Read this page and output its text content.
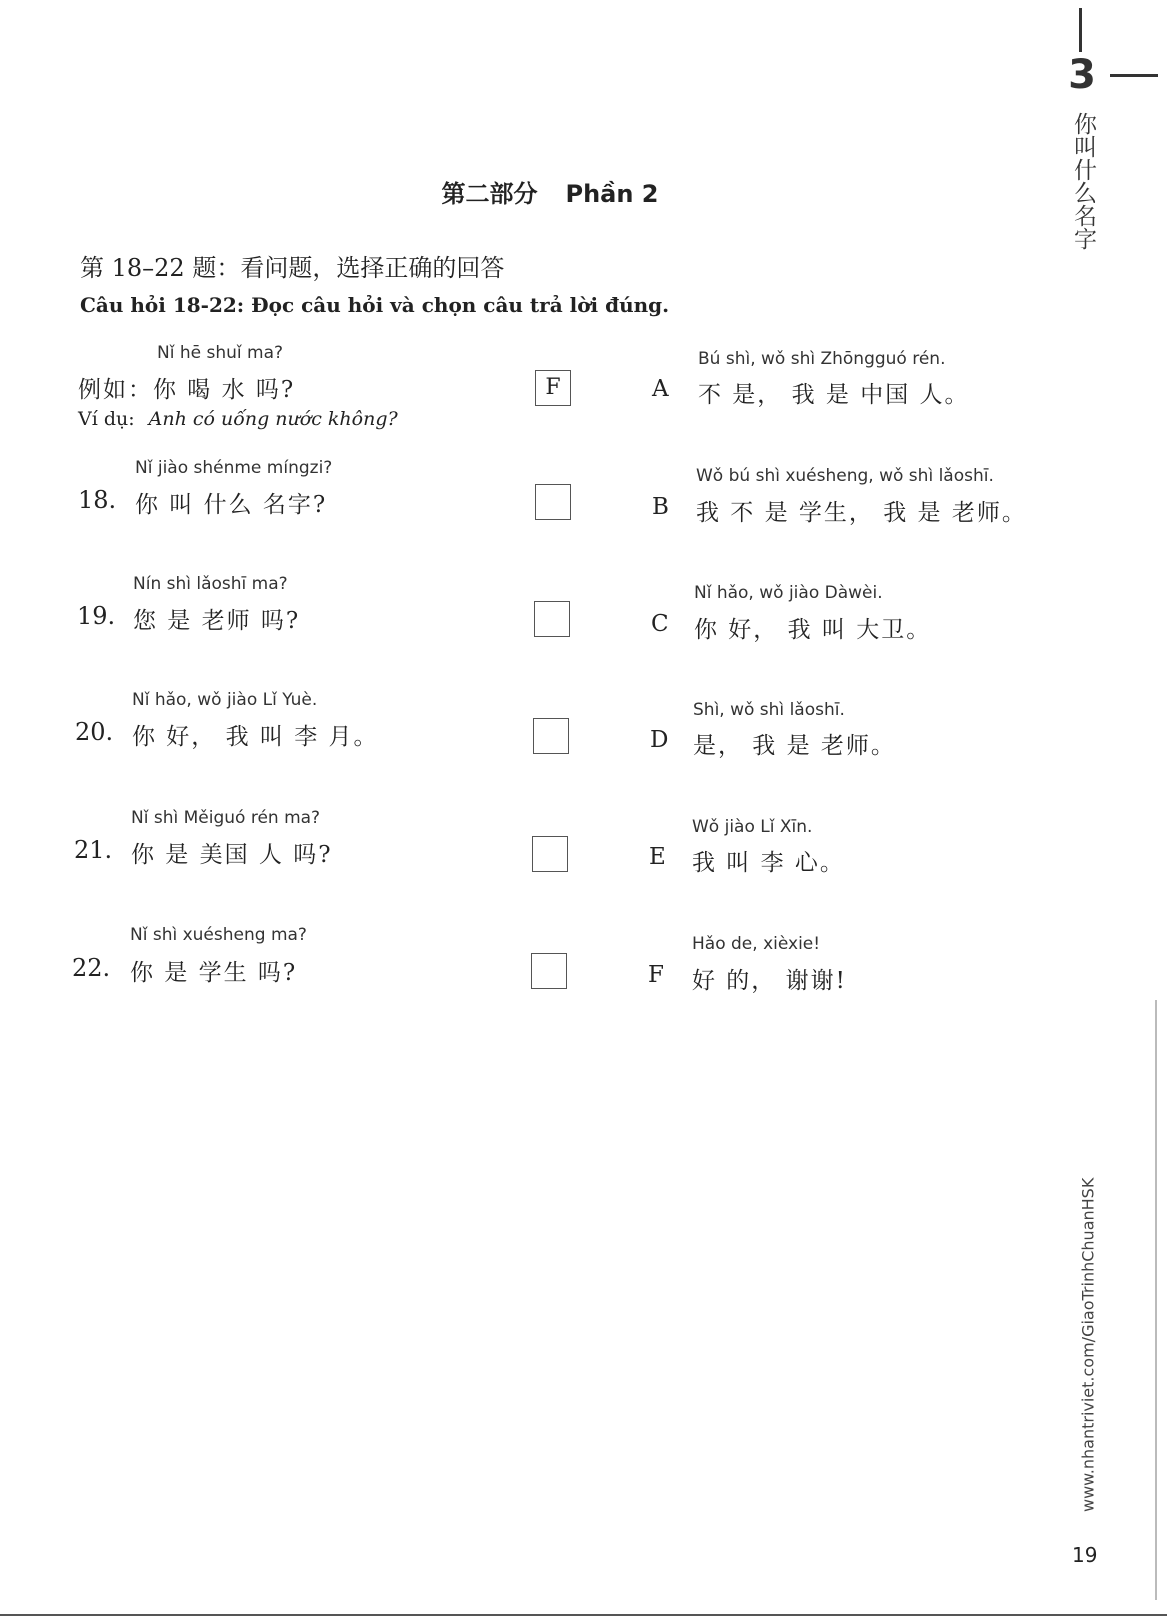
3
你叫什么名字
第二部分 Phần 2
第 18–22 题：看问题，选择正确的回答
Câu hỏi 18-22: Đọc câu hỏi và chọn câu trả lời đúng.
Nǐ hē shuǐ ma?
例如：你 喝 水 吗?
Ví dụ: Anh có uống nước không?
F
Nǐ jiào shénme míngzi?
18. 你 叫 什么 名字?
Nín shì lǎoshī ma?
19. 您 是 老师 吗?
Nǐ hǎo, wǒ jiào Lǐ Yuè.
20. 你 好， 我 叫 李 月。
Nǐ shì Měiguó rén ma?
21. 你 是 美国 人 吗?
Nǐ shì xuésheng ma?
22. 你 是 学生 吗?
Bú shì, wǒ shì Zhōngguó rén.
A 不 是， 我 是 中国 人。
Wǒ bú shì xuésheng, wǒ shì lǎoshī.
B 我 不 是 学生， 我 是 老师。
Nǐ hǎo, wǒ jiào Dàwèi.
C 你 好， 我 叫 大卫。
Shì, wǒ shì lǎoshī.
D 是， 我 是 老师。
Wǒ jiào Lǐ Xīn.
E 我 叫 李 心。
Hǎo de, xièxie!
F 好 的， 谢谢!
www.nhantriviet.com/GiaoTrinhChuanHSK
19
